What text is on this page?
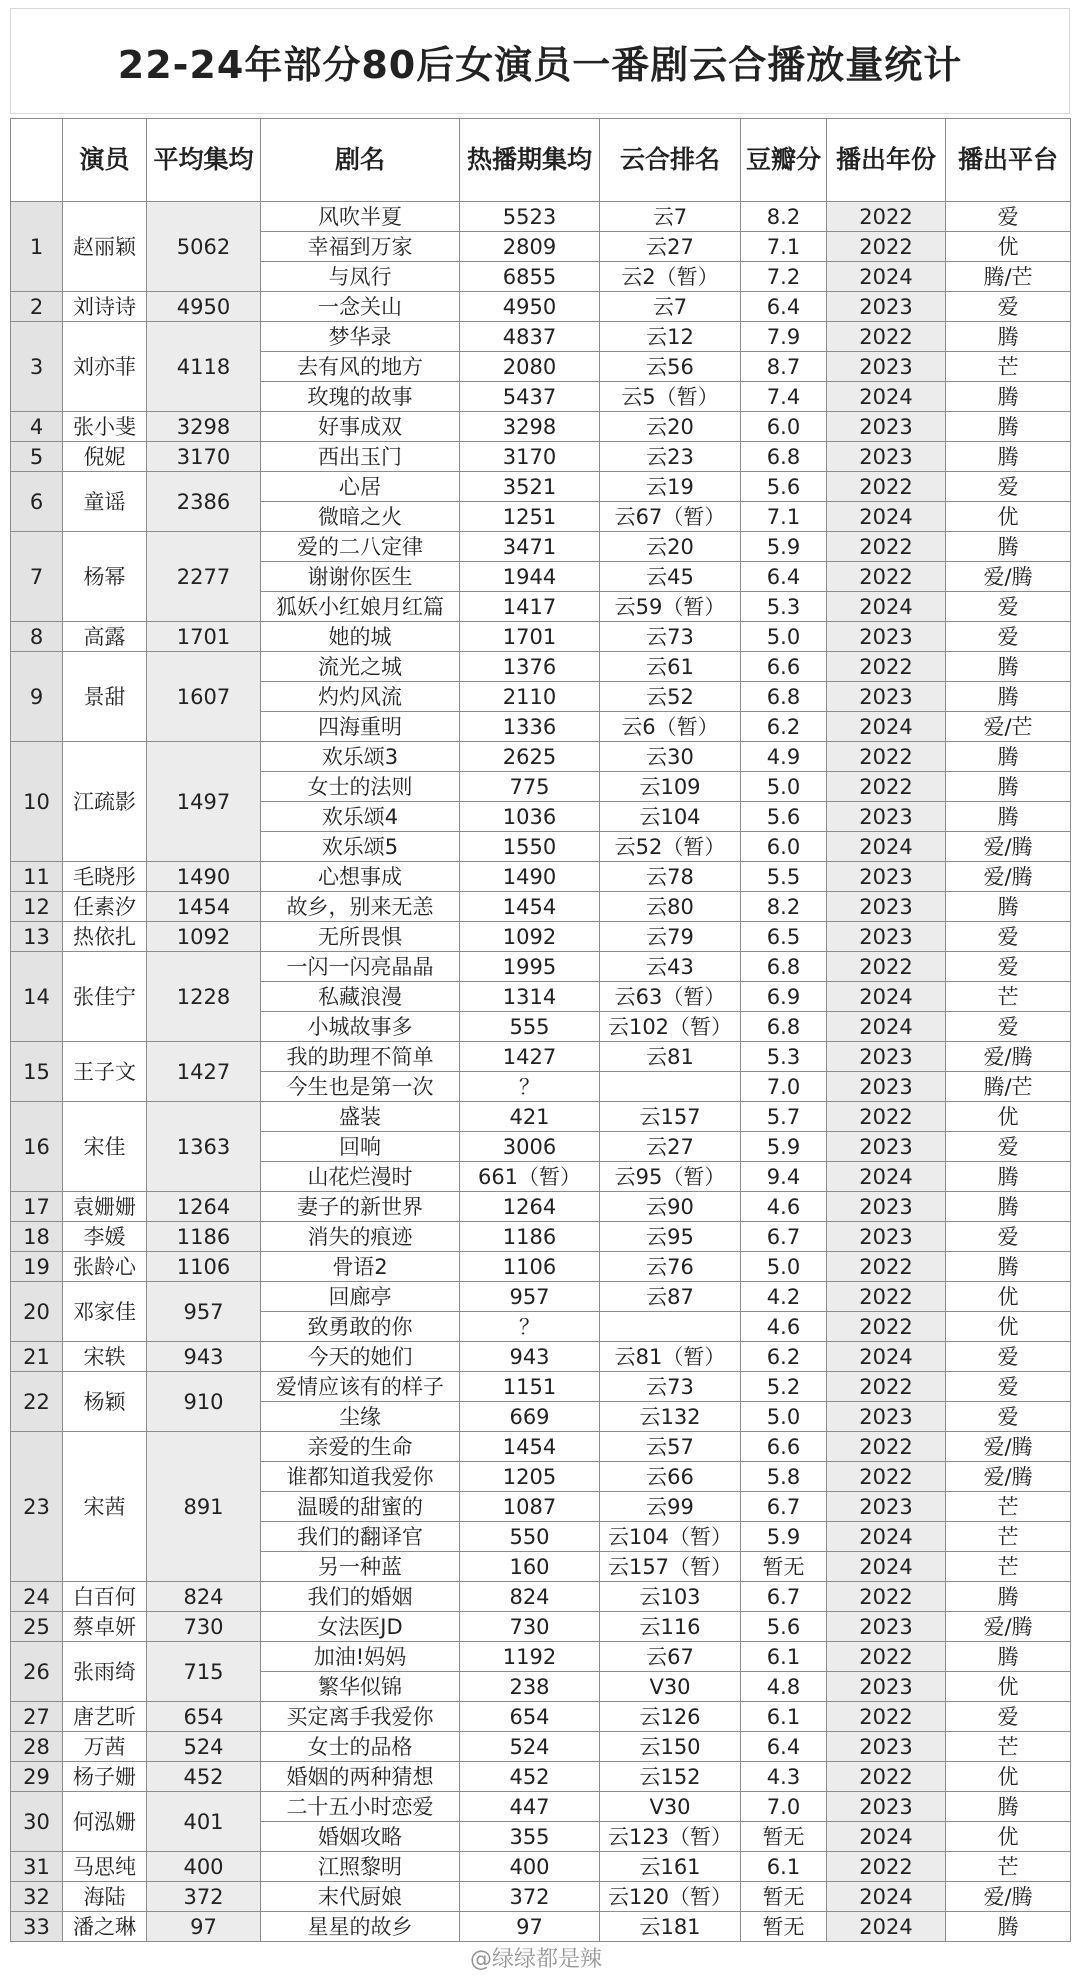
22-24年部分80后女演员一番剧云合播放量统计
	演员	平均集均	剧名	热播期集均	云合排名	豆瓣分	播出年份	播出平台
1	赵丽颖	5062	风吹半夏	5523	云7	8.2	2022	爱
			幸福到万家	2809	云27	7.1	2022	优
			与凤行	6855	云2（暂）	7.2	2024	腾/芒
2	刘诗诗	4950	一念关山	4950	云7	6.4	2023	爱
3	刘亦菲	4118	梦华录	4837	云12	7.9	2022	腾
			去有风的地方	2080	云56	8.7	2023	芒
			玫瑰的故事	5437	云5（暂）	7.4	2024	腾
4	张小斐	3298	好事成双	3298	云20	6.0	2023	腾
5	倪妮	3170	西出玉门	3170	云23	6.8	2023	腾
6	童谣	2386	心居	3521	云19	5.6	2022	爱
			微暗之火	1251	云67（暂）	7.1	2024	优
7	杨幂	2277	爱的二八定律	3471	云20	5.9	2022	腾
			谢谢你医生	1944	云45	6.4	2022	爱/腾
			狐妖小红娘月红篇	1417	云59（暂）	5.3	2024	爱
8	高露	1701	她的城	1701	云73	5.0	2023	爱
9	景甜	1607	流光之城	1376	云61	6.6	2022	腾
			灼灼风流	2110	云52	6.8	2023	腾
			四海重明	1336	云6（暂）	6.2	2024	爱/芒
10	江疏影	1497	欢乐颂3	2625	云30	4.9	2022	腾
			女士的法则	775	云109	5.0	2022	腾
			欢乐颂4	1036	云104	5.6	2023	腾
			欢乐颂5	1550	云52（暂）	6.0	2024	爱/腾
11	毛晓彤	1490	心想事成	1490	云78	5.5	2023	爱/腾
12	任素汐	1454	故乡，别来无恙	1454	云80	8.2	2023	腾
13	热依扎	1092	无所畏惧	1092	云79	6.5	2023	爱
14	张佳宁	1228	一闪一闪亮晶晶	1995	云43	6.8	2022	爱
			私藏浪漫	1314	云63（暂）	6.9	2024	芒
			小城故事多	555	云102（暂）	6.8	2024	爱
15	王子文	1427	我的助理不简单	1427	云81	5.3	2023	爱/腾
			今生也是第一次	？		7.0	2023	腾/芒
16	宋佳	1363	盛装	421	云157	5.7	2022	优
			回响	3006	云27	5.9	2023	爱
			山花烂漫时	661（暂）	云95（暂）	9.4	2024	腾
17	袁姗姗	1264	妻子的新世界	1264	云90	4.6	2023	腾
18	李媛	1186	消失的痕迹	1186	云95	6.7	2023	爱
19	张龄心	1106	骨语2	1106	云76	5.0	2022	腾
20	邓家佳	957	回廊亭	957	云87	4.2	2022	优
			致勇敢的你	？		4.6	2022	优
21	宋轶	943	今天的她们	943	云81（暂）	6.2	2024	爱
22	杨颖	910	爱情应该有的样子	1151	云73	5.2	2022	爱
			尘缘	669	云132	5.0	2023	爱
23	宋茜	891	亲爱的生命	1454	云57	6.6	2022	爱/腾
			谁都知道我爱你	1205	云66	5.8	2022	爱/腾
			温暖的甜蜜的	1087	云99	6.7	2023	芒
			我们的翻译官	550	云104（暂）	5.9	2024	芒
			另一种蓝	160	云157（暂）	暂无	2024	芒
24	白百何	824	我们的婚姻	824	云103	6.7	2022	腾
25	蔡卓妍	730	女法医JD	730	云116	5.6	2023	爱/腾
26	张雨绮	715	加油!妈妈	1192	云67	6.1	2022	腾
			繁华似锦	238	V30	4.8	2023	优
27	唐艺昕	654	买定离手我爱你	654	云126	6.1	2022	爱
28	万茜	524	女士的品格	524	云150	6.4	2023	芒
29	杨子姗	452	婚姻的两种猜想	452	云152	4.3	2022	优
30	何泓姗	401	二十五小时恋爱	447	V30	7.0	2023	腾
			婚姻攻略	355	云123（暂）	暂无	2024	优
31	马思纯	400	江照黎明	400	云161	6.1	2022	芒
32	海陆	372	末代厨娘	372	云120（暂）	暂无	2024	爱/腾
33	潘之琳	97	星星的故乡	97	云181	暂无	2024	腾
@绿绿都是辣
